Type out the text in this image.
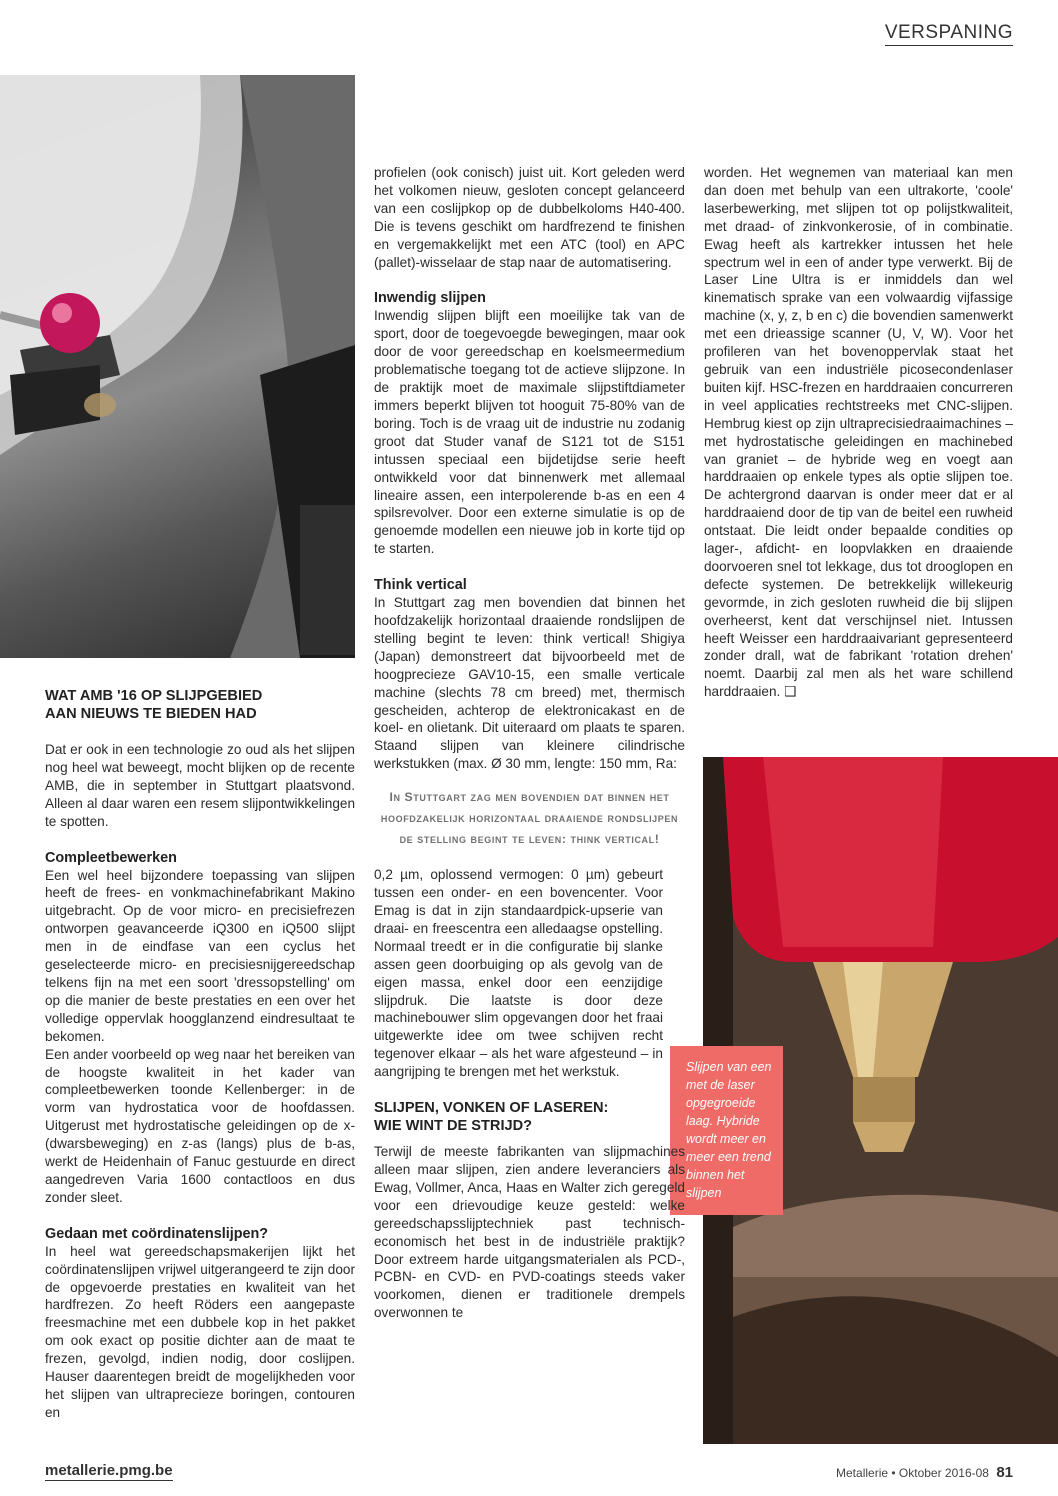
VERSPANING
Slijpen van een met de laser opgegroeide laag. Hybride wordt meer en meer een trend binnen het slijpen
WAT AMB '16 OP SLIJPGEBIED
AAN NIEUWS TE BIEDEN HAD

Dat er ook in een technologie zo oud als het slijpen nog heel wat beweegt, mocht blijken op de recente AMB, die in september in Stuttgart plaatsvond. Alleen al daar waren een resem slijpontwikkelingen te spotten.

Compleetbewerken

Een wel heel bijzondere toepassing van slijpen heeft de frees- en vonkmachinefabrikant Makino uitgebracht. Op de voor micro- en precisiefrezen ontworpen geavanceerde iQ300 en iQ500 slijpt men in de eindfase van een cyclus het geselecteerde micro- en precisiesnijgereedschap telkens fijn na met een soort 'dressopstelling' om op die manier de beste prestaties en een over het volledige oppervlak hoogglanzend eindresultaat te bekomen.

Een ander voorbeeld op weg naar het bereiken van de hoogste kwaliteit in het kader van compleetbewerken toonde Kellenberger: in de vorm van hydrostatica voor de hoofdassen. Uitgerust met hydrostatische geleidingen op de x- (dwarsbeweging) en z-as (langs) plus de b-as, werkt de Heidenhain of Fanuc gestuurde en direct aangedreven Varia 1600 contactloos en dus zonder sleet.

Gedaan met coördinatenslijpen?

In heel wat gereedschapsmakerijen lijkt het coördinatenslijpen vrijwel uitgerangeerd te zijn door de opgevoerde prestaties en kwaliteit van het hardfrezen. Zo heeft Röders een aangepaste freesmachine met een dubbele kop in het pakket om ook exact op positie dichter aan de maat te frezen, gevolgd, indien nodig, door coslijpen. Hauser daarentegen breidt de mogelijkheden voor het slijpen van ultraprecieze boringen, contouren en

profielen (ook conisch) juist uit. Kort geleden werd het volkomen nieuw, gesloten concept gelanceerd van een coslijpkop op de dubbelkoloms H40-400. Die is tevens geschikt om hardfrezend te finishen en vergemakkelijkt met een ATC (tool) en APC (pallet)-wisselaar de stap naar de automatisering.

Inwendig slijpen

Inwendig slijpen blijft een moeilijke tak van de sport, door de toegevoegde bewegingen, maar ook door de voor gereedschap en koelsmeermedium problematische toegang tot de actieve slijpzone. In de praktijk moet de maximale slijpstiftdiameter immers beperkt blijven tot hooguit 75-80% van de boring. Toch is de vraag uit de industrie nu zodanig groot dat Studer vanaf de S121 tot de S151 intussen speciaal een bijdetijdse serie heeft ontwikkeld voor dat binnenwerk met allemaal lineaire assen, een interpolerende b-as en een 4 spilsrevolver. Door een externe simulatie is op de genoemde modellen een nieuwe job in korte tijd op te starten.

Think vertical

In Stuttgart zag men bovendien dat binnen het hoofdzakelijk horizontaal draaiende rondslijpen de stelling begint te leven: think vertical! Shigiya (Japan) demonstreert dat bijvoorbeeld met de hoogprecieze GAV10-15, een smalle verticale machine (slechts 78 cm breed) met, thermisch gescheiden, achterop de elektronicakast en de koel- en olietank. Dit uiteraard om plaats te sparen. Staand slijpen van kleinere cilindrische werkstukken (max. Ø 30 mm, lengte: 150 mm, Ra:

In Stuttgart zag men bovendien dat binnen het hoofdzakelijk horizontaal draaiende rondslijpen de stelling begint te leven: think vertical!

0,2 µm, oplossend vermogen: 0 µm) gebeurt tussen een onder- en een bovencenter. Voor Emag is dat in zijn standaardpick-upserie van draai- en freescentra een alledaagse opstelling. Normaal treedt er in die configuratie bij slanke assen geen doorbuiging op als gevolg van de eigen massa, enkel door een eenzijdige slijpdruk. Die laatste is door deze machinebouwer slim opgevangen door het fraai uitgewerkte idee om twee schijven recht tegenover elkaar – als het ware afgesteund – in aangrijping te brengen met het werkstuk.

SLIJPEN, VONKEN OF LASEREN:
WIE WINT DE STRIJD?

Terwijl de meeste fabrikanten van slijpmachines alleen maar slijpen, zien andere leveranciers als Ewag, Vollmer, Anca, Haas en Walter zich geregeld voor een drievoudige keuze gesteld: welke gereedschapsslijptechniek past technisch-economisch het best in de industriële praktijk? Door extreem harde uitgangsmaterialen als PCD-, PCBN- en CVD- en PVD-coatings steeds vaker voorkomen, dienen er traditionele drempels overwonnen te

worden. Het wegnemen van materiaal kan men dan doen met behulp van een ultrakorte, 'coole' laserbewerking, met slijpen tot op polijstkwaliteit, met draad- of zinkvonkerosie, of in combinatie. Ewag heeft als kartrekker intussen het hele spectrum wel in een of ander type verwerkt. Bij de Laser Line Ultra is er inmiddels dan wel kinematisch sprake van een volwaardig vijfassige machine (x, y, z, b en c) die bovendien samenwerkt met een drieassige scanner (U, V, W). Voor het profileren van het bovenoppervlak staat het gebruik van een industriële picosecondenlaser buiten kijf. HSC-frezen en harddraaien concurreren in veel applicaties rechtstreeks met CNC-slijpen. Hembrug kiest op zijn ultraprecisiedraaimachines – met hydrostatische geleidingen en machinebed van graniet – de hybride weg en voegt aan harddraaien op enkele types als optie slijpen toe. De achtergrond daarvan is onder meer dat er al harddraaiend door de tip van de beitel een ruwheid ontstaat. Die leidt onder bepaalde condities op lager-, afdicht- en loopvlakken en draaiende doorvoeren snel tot lekkage, dus tot drooglopen en defecte systemen. De betrekkelijk willekeurig gevormde, in zich gesloten ruwheid die bij slijpen overheerst, kent dat verschijnsel niet. Intussen heeft Weisser een harddraaivariant gepresenteerd zonder drall, wat de fabrikant 'rotation drehen' noemt. Daarbij zal men als het ware schillend harddraaien. ❑

metallerie.pmg.be	Metallerie • Oktober 2016-08 81
